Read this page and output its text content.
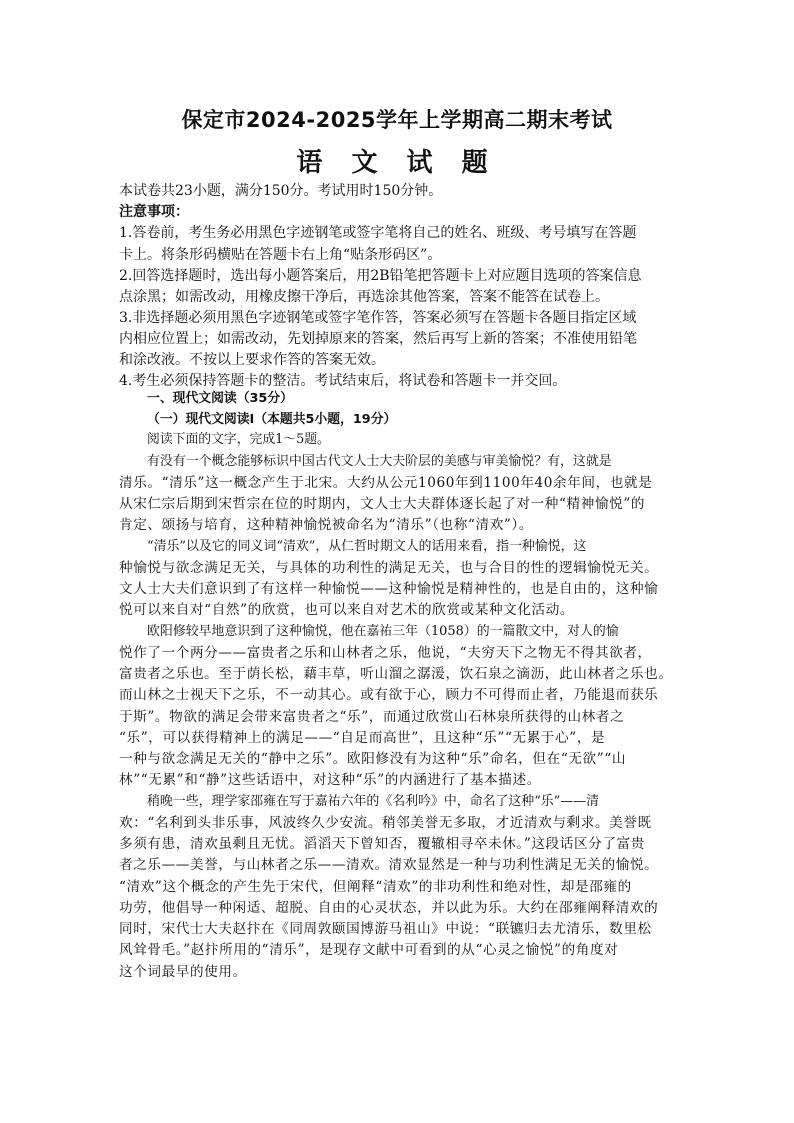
保定市2024-2025学年上学期高二期末考试
语 文 试 题
本试卷共23小题，满分150分。考试用时150分钟。
注意事项：
1.答卷前，考生务必用黑色字迹钢笔或签字笔将自己的姓名、班级、考号填写在答题
卡上。将条形码横贴在答题卡右上角“贴条形码区”。
2.回答选择题时，选出每小题答案后，用2B铅笔把答题卡上对应题目选项的答案信息
点涂黑；如需改动，用橡皮擦干净后，再选涂其他答案，答案不能答在试卷上。
3.非选择题必须用黑色字迹钢笔或签字笔作答，答案必须写在答题卡各题目指定区域
内相应位置上；如需改动，先划掉原来的答案，然后再写上新的答案；不准使用铅笔
和涂改液。不按以上要求作答的答案无效。
4.考生必须保持答题卡的整洁。考试结束后，将试卷和答题卡一并交回。
一、现代文阅读（35分）
（一）现代文阅读Ⅰ（本题共5小题，19分）
阅读下面的文字，完成1～5题。
有没有一个概念能够标识中国古代文人士大夫阶层的美感与审美愉悦？有，这就是
清乐。“清乐”这一概念产生于北宋。大约从公元1060年到1100年40余年间，也就是
从宋仁宗后期到宋哲宗在位的时期内，文人士大夫群体逐长起了对一种“精神愉悦”的
肯定、颂扬与培育，这种精神愉悦被命名为“清乐”（也称“清欢”）。
“清乐”以及它的同义词“清欢”，从仁哲时期文人的话用来看，指一种愉悦，这
种愉悦与欲念满足无关，与具体的功利性的满足无关，也与合目的性的逻辑愉悦无关。
文人士大夫们意识到了有这样一种愉悦——这种愉悦是精神性的，也是自由的，这种愉
悦可以来自对“自然”的欣赏，也可以来自对艺术的欣赏或某种文化活动。
欧阳修较早地意识到了这种愉悦，他在嘉祐三年（1058）的一篇散文中，对人的愉
悦作了一个两分——富贵者之乐和山林者之乐，他说，“夫穷天下之物无不得其欲者，
富贵者之乐也。至于荫长松，藉丰草，听山溜之潺湲，饮石泉之滴沥，此山林者之乐也。
而山林之士视天下之乐，不一动其心。或有欲于心，顾力不可得而止者，乃能退而获乐
于斯”。物欲的满足会带来富贵者之“乐”，而通过欣赏山石林泉所获得的山林者之
“乐”，可以获得精神上的满足——“自足而高世”，且这种“乐”“无累于心”，是
一种与欲念满足无关的“静中之乐”。欧阳修没有为这种“乐”命名，但在“无欲”“山
林”“无累”和“静”这些话语中，对这种“乐”的内涵进行了基本描述。
稍晚一些，理学家邵雍在写于嘉祐六年的《名利吟》中，命名了这种“乐”——清
欢：“名利到头非乐事，风波终久少安流。稍邻美誉无多取，才近清欢与剩求。美誉既
多须有患，清欢虽剩且无忧。滔滔天下曾知否，覆辙相寻卒未休。”这段话区分了富贵
者之乐——美誉，与山林者之乐——清欢。清欢显然是一种与功利性满足无关的愉悦。
“清欢”这个概念的产生先于宋代，但阐释“清欢”的非功利性和绝对性，却是邵雍的
功劳，他倡导一种闲适、超脱、自由的心灵状态，并以此为乐。大约在邵雍阐释清欢的
同时，宋代士大夫赵抃在《同周敦颐国博游马祖山》中说：“联镳归去尤清乐，数里松
风耸骨毛。”赵抃所用的“清乐”，是现存文献中可看到的从“心灵之愉悦”的角度对
这个词最早的使用。
